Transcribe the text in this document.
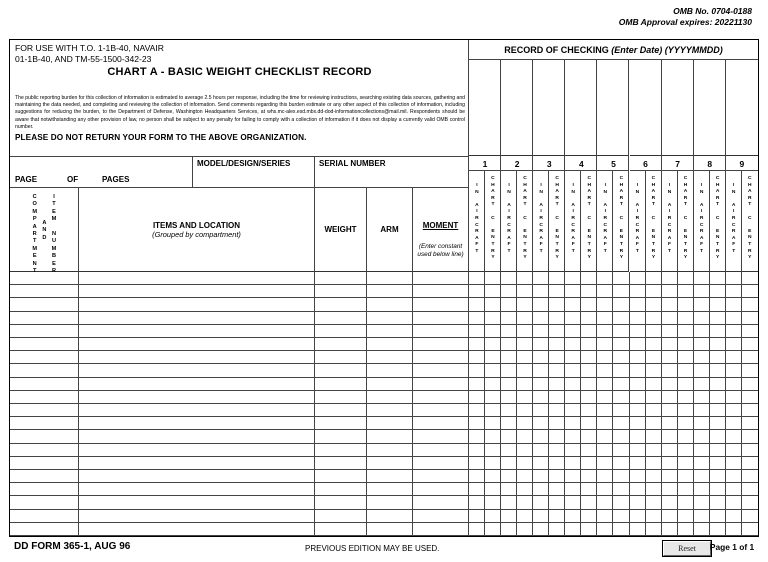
OMB No. 0704-0188
OMB Approval expires: 20221130
FOR USE WITH T.O. 1-1B-40, NAVAIR
01-1B-40, AND TM-55-1500-342-23
CHART A - BASIC WEIGHT CHECKLIST RECORD
The public reporting burden for this collection of information is estimated to average 2.5 hours per response, including the time for reviewing instructions, searching existing data sources, gathering and maintaining the data needed, and completing and reviewing the collection of information. Send comments regarding this burden estimate or any other aspect of this collection of information, including suggestions for reducing the burden, to the Department of Defense, Washington Headquarters Services, at whs.mc-alex.esd.mbx.dd-dod-informationcollections@mail.mil. Respondents should be aware that notwithstanding any other provision of law, no person shall be subject to any penalty for failing to comply with a collection of information if it does not display a currently valid OMB control number.
PLEASE DO NOT RETURN YOUR FORM TO THE ABOVE ORGANIZATION.
PAGE	OF	PAGES
MODEL/DESIGN/SERIES	SERIAL NUMBER
C
O
M
P
A
R
T
M
E
N
T
A
N
D
I
T
E
M

N
U
M
B
E
R
ITEMS AND LOCATION
(Grouped by compartment)	WEIGHT	ARM	MOMENT
(Enter constant used below line)
RECORD OF CHECKING (Enter Date) (YYYYMMDD)
1	2	3	4	5	6	7	8	9
I
N

A
I
R
C
R
A
F
T
C
H
A
R
T

C

E
N
T
R
Y
I
N

A
I
R
C
R
A
F
T
C
H
A
R
T

C

E
N
T
R
Y
I
N

A
I
R
C
R
A
F
T
C
H
A
R
T

C

E
N
T
R
Y
I
N

A
I
R
C
R
A
F
T
C
H
A
R
T

C

E
N
T
R
Y
I
N

A
I
R
C
R
A
F
T
C
H
A
R
T

C

E
N
T
R
Y
I
N

A
I
R
C
R
A
F
T
C
H
A
R
T

C

E
N
T
R
Y
I
N

A
I
R
C
R
A
F
T
C
H
A
R
T

C

E
N
T
R
Y
I
N

A
I
R
C
R
A
F
T
C
H
A
R
T

C

E
N
T
R
Y
I
N

A
I
R
C
R
A
F
T
C
H
A
R
T

C

E
N
T
R
Y
DD FORM 365-1, AUG 96	PREVIOUS EDITION MAY BE USED.	Reset	Page 1 of 1
